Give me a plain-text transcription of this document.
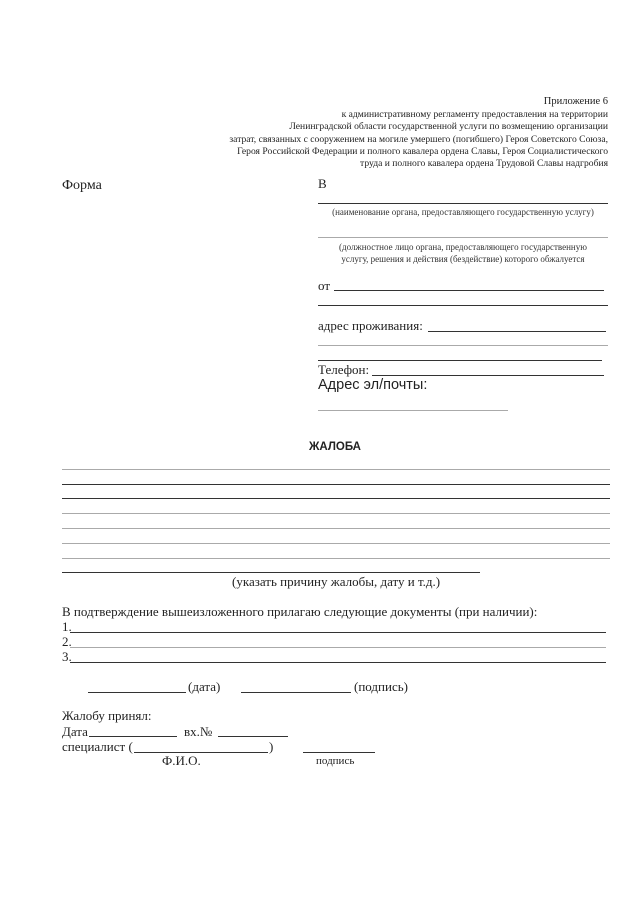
Приложение 6
к административному регламенту предоставления на территории
Ленинградской области государственной услуги по возмещению организации
затрат, связанных с сооружением на могиле умершего (погибшего) Героя Советского Союза,
Героя Российской Федерации и полного кавалера ордена Славы, Героя Социалистического
труда и полного кавалера ордена Трудовой Славы надгробия
Форма	В
(наименование органа, предоставляющего государственную услугу)
(должностное лицо органа, предоставляющего государственную
услугу, решения и действия (бездействие) которого обжалуется
от
адрес проживания:
Телефон:
Адрес эл/почты:
ЖАЛОБА
(указать причину жалобы, дату и т.д.)
В подтверждение вышеизложенного прилагаю следующие документы (при наличии):
1.
2.
3.
(дата)	(подпись)
Жалобу принял:
Дата	вх.№
специалист (	)
Ф.И.О.	подпись
